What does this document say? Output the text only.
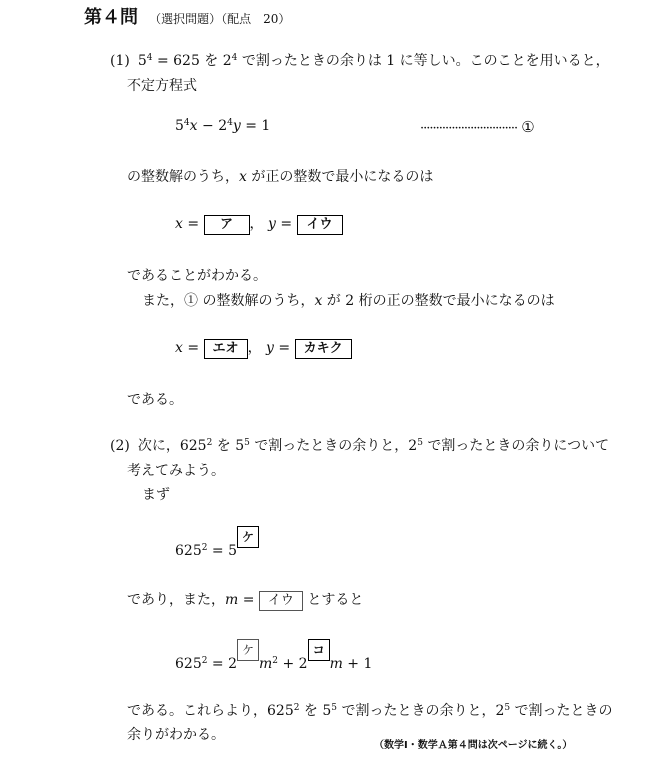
第４問 （選択問題）（配点　20）
(1) $5^4 = 625$ を $2^4$ で割ったときの余りは 1 に等しい。このことを用いると，
不定方程式
$5^4x - 2^4y = 1$	······························· ①
の整数解のうち，x が正の整数で最小になるのは
x = ア ， y = イウ
であることがわかる。
また，① の整数解のうち，x が 2 桁の正の整数で最小になるのは
x = エオ ， y = カキク
である。
(2) 次に，$625^2$ を $5^5$ で割ったときの余りと，$2^5$ で割ったときの余りについて
考えてみよう。
まず
$625^2 = 5$ケ
であり，また，m = イウ とすると
$625^2 = 2$ケ$m^2 + 2$コm + 1
である。これらより，$625^2$ を $5^5$ で割ったときの余りと，$2^5$ で割ったときの
余りがわかる。
（数学Ⅰ・数学Ａ第４問は次ページに続く。）
